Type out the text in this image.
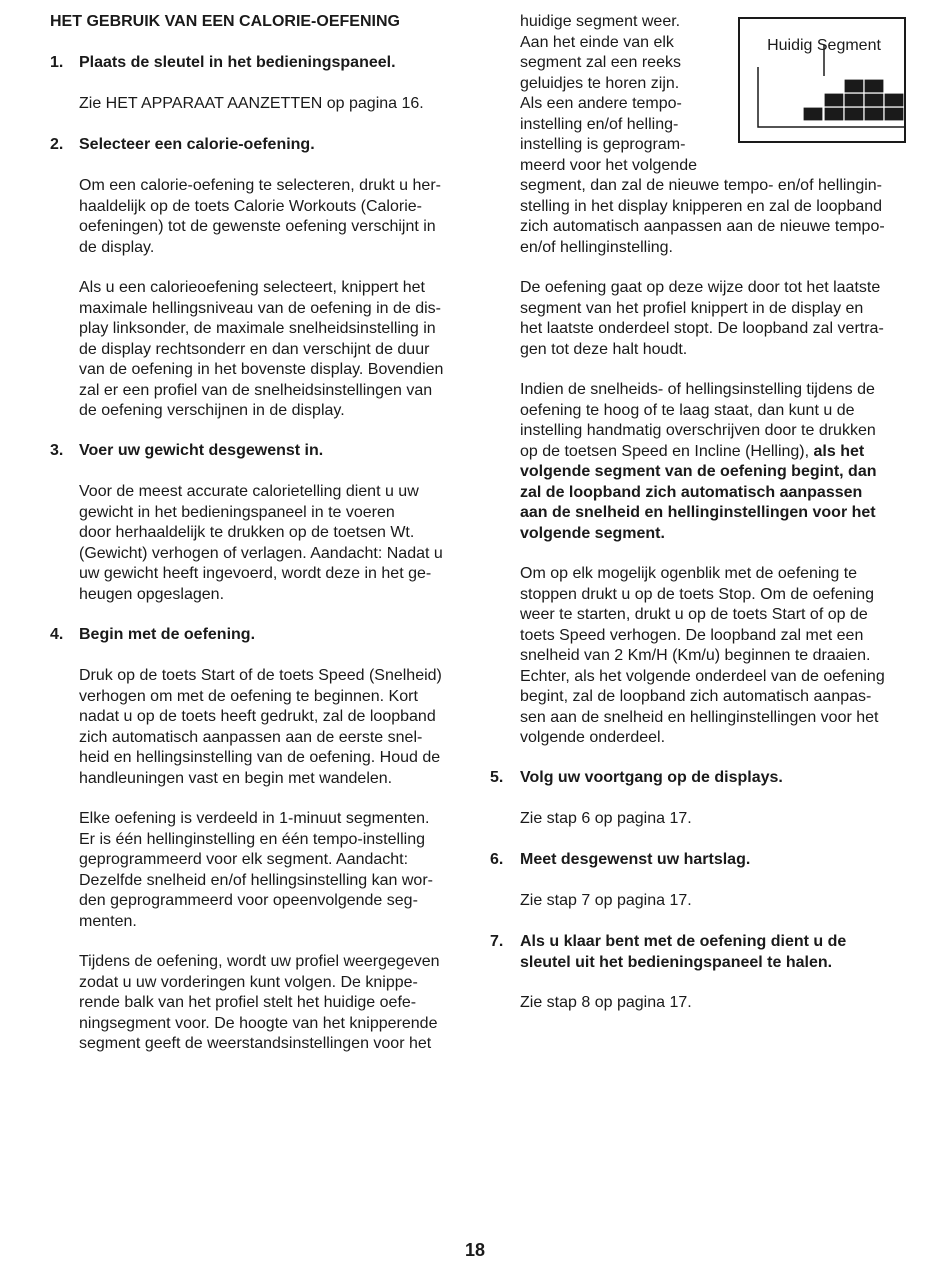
HET GEBRUIK VAN EEN CALORIE-OEFENING
1. Plaats de sleutel in het bedieningspaneel.
Zie HET APPARAAT AANZETTEN op pagina 16.
2. Selecteer een calorie-oefening.
Om een calorie-oefening te selecteren, drukt u her-
haaldelijk op de toets Calorie Workouts (Calorie-
oefeningen) tot de gewenste oefening verschijnt in
de display.
Als u een calorieoefening selecteert, knippert het
maximale hellingsniveau van de oefening in de dis-
play linksonder, de maximale snelheidsinstelling in
de display rechtsonderr en dan verschijnt de duur
van de oefening in het bovenste display. Bovendien
zal er een profiel van de snelheidsinstellingen van
de oefening verschijnen in de display.
3. Voer uw gewicht desgewenst in.
Voor de meest accurate calorietelling dient u uw
gewicht in het bedieningspaneel in te voeren
door herhaaldelijk te drukken op de toetsen Wt.
(Gewicht) verhogen of verlagen. Aandacht: Nadat u
uw gewicht heeft ingevoerd, wordt deze in het ge-
heugen opgeslagen.
4. Begin met de oefening.
Druk op de toets Start of de toets Speed (Snelheid)
verhogen om met de oefening te beginnen. Kort
nadat u op de toets heeft gedrukt, zal de loopband
zich automatisch aanpassen aan de eerste snel-
heid en hellingsinstelling van de oefening. Houd de
handleuningen vast en begin met wandelen.
Elke oefening is verdeeld in 1-minuut segmenten.
Er is één hellinginstelling en één tempo-instelling
geprogrammeerd voor elk segment. Aandacht:
Dezelfde snelheid en/of hellingsinstelling kan wor-
den geprogrammeerd voor opeenvolgende seg-
menten.
Tijdens de oefening, wordt uw profiel weergegeven
zodat u uw vorderingen kunt volgen. De knippe-
rende balk van het profiel stelt het huidige oefe-
ningsegment voor. De hoogte van het knipperende
segment geeft de weerstandsinstellingen voor het
huidige segment weer.
Aan het einde van elk
segment zal een reeks
geluidjes te horen zijn.
Als een andere tempo-
instelling en/of helling-
instelling is geprogram-
meerd voor het volgende
segment, dan zal de nieuwe tempo- en/of hellingin-
stelling in het display knipperen en zal de loopband
zich automatisch aanpassen aan de nieuwe tempo-
en/of hellinginstelling.
De oefening gaat op deze wijze door tot het laatste
segment van het profiel knippert in de display en
het laatste onderdeel stopt. De loopband zal vertra-
gen tot deze halt houdt.
Indien de snelheids- of hellingsinstelling tijdens de
oefening te hoog of te laag staat, dan kunt u de
instelling handmatig overschrijven door te drukken
op de toetsen Speed en Incline (Helling), als het
volgende segment van de oefening begint, dan
zal de loopband zich automatisch aanpassen
aan de snelheid en hellinginstellingen voor het
volgende segment.
Om op elk mogelijk ogenblik met de oefening te
stoppen drukt u op de toets Stop. Om de oefening
weer te starten, drukt u op de toets Start of op de
toets Speed verhogen. De loopband zal met een
snelheid van 2 Km/H (Km/u) beginnen te draaien.
Echter, als het volgende onderdeel van de oefening
begint, zal de loopband zich automatisch aanpas-
sen aan de snelheid en hellinginstellingen voor het
volgende onderdeel.
5.	Volg uw voortgang op de displays.
Zie stap 6 op pagina 17.
6.	Meet desgewenst uw hartslag.
Zie stap 7 op pagina 17.
7.	Als u klaar bent met de oefening dient u de sleutel uit het bedieningspaneel te halen.
Zie stap 8 op pagina 17.
Huidig Segment
18
